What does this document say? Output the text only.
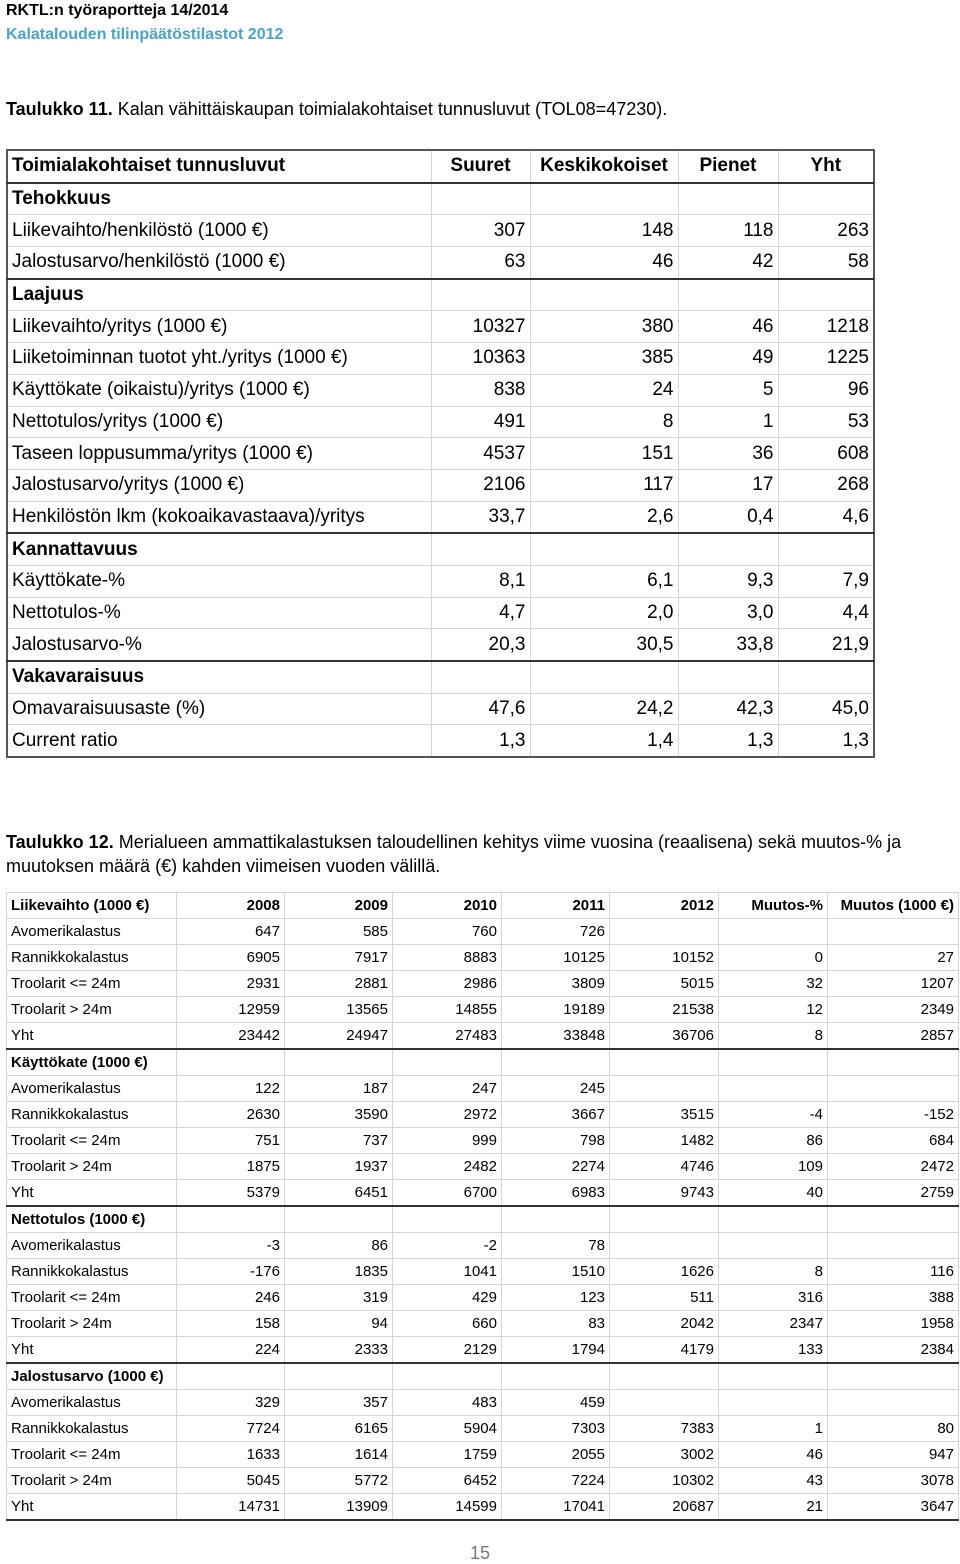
RKTL:n työraportteja 14/2014
Kalatalouden tilinpäätöstilastot 2012
Taulukko 11. Kalan vähittäiskaupan toimialakohtaiset tunnusluvut (TOL08=47230).
Toimialakohtaiset tunnusluvut	Suuret	Keskikokoiset	Pienet	Yht
Tehokkuus				
Liikevaihto/henkilöstö (1000 €)	307	148	118	263
Jalostusarvo/henkilöstö (1000 €)	63	46	42	58
Laajuus				
Liikevaihto/yritys (1000 €)	10327	380	46	1218
Liiketoiminnan tuotot yht./yritys (1000 €)	10363	385	49	1225
Käyttökate (oikaistu)/yritys (1000 €)	838	24	5	96
Nettotulos/yritys (1000 €)	491	8	1	53
Taseen loppusumma/yritys (1000 €)	4537	151	36	608
Jalostusarvo/yritys (1000 €)	2106	117	17	268
Henkilöstön lkm (kokoaikavastaava)/yritys	33,7	2,6	0,4	4,6
Kannattavuus				
Käyttökate-%	8,1	6,1	9,3	7,9
Nettotulos-%	4,7	2,0	3,0	4,4
Jalostusarvo-%	20,3	30,5	33,8	21,9
Vakavaraisuus				
Omavaraisuusaste (%)	47,6	24,2	42,3	45,0
Current ratio	1,3	1,4	1,3	1,3
Taulukko 12. Merialueen ammattikalastuksen taloudellinen kehitys viime vuosina (reaalisena) sekä muutos-% ja muutoksen määrä (€) kahden viimeisen vuoden välillä.
Liikevaihto (1000 €)	2008	2009	2010	2011	2012	Muutos-%	Muutos (1000 €)
Avomerikalastus	647	585	760	726			
Rannikkokalastus	6905	7917	8883	10125	10152	0	27
Troolarit <= 24m	2931	2881	2986	3809	5015	32	1207
Troolarit > 24m	12959	13565	14855	19189	21538	12	2349
Yht	23442	24947	27483	33848	36706	8	2857
Käyttökate (1000 €)							
Avomerikalastus	122	187	247	245			
Rannikkokalastus	2630	3590	2972	3667	3515	-4	-152
Troolarit <= 24m	751	737	999	798	1482	86	684
Troolarit > 24m	1875	1937	2482	2274	4746	109	2472
Yht	5379	6451	6700	6983	9743	40	2759
Nettotulos (1000 €)							
Avomerikalastus	-3	86	-2	78			
Rannikkokalastus	-176	1835	1041	1510	1626	8	116
Troolarit <= 24m	246	319	429	123	511	316	388
Troolarit > 24m	158	94	660	83	2042	2347	1958
Yht	224	2333	2129	1794	4179	133	2384
Jalostusarvo (1000 €)							
Avomerikalastus	329	357	483	459			
Rannikkokalastus	7724	6165	5904	7303	7383	1	80
Troolarit <= 24m	1633	1614	1759	2055	3002	46	947
Troolarit > 24m	5045	5772	6452	7224	10302	43	3078
Yht	14731	13909	14599	17041	20687	21	3647
15
